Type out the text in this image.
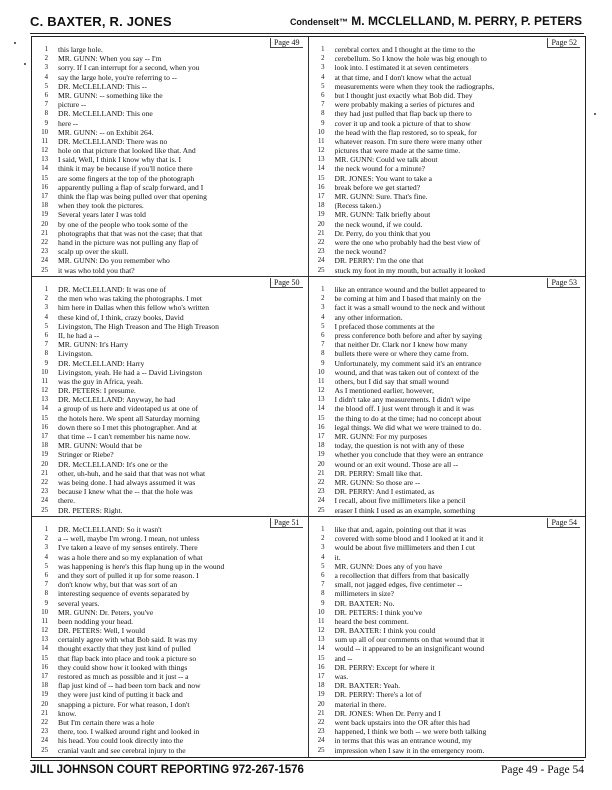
C. BAXTER, R. JONES	CondenseIt™ M. MCCLELLAND, M. PERRY, P. PETERS
Page 49
1 this large hole.
2 MR. GUNN: When you say -- I'm
3 sorry. If I can interrupt for a second, when you
4 say the large hole, you're referring to --
5 DR. McCLELLAND: This --
6 MR. GUNN: -- something like the
7 picture --
8 DR. McCLELLAND: This one
9 here --
10 MR. GUNN: -- on Exhibit 264.
11 DR. McCLELLAND: There was no
12 hole on that picture that looked like that. And
13 I said, Well, I think I know why that is. I
14 think it may be because if you'll notice there
15 are some fingers at the top of the photograph
16 apparently pulling a flap of scalp forward, and I
17 think the flap was being pulled over that opening
18 when they took the pictures.
19 Several years later I was told
20 by one of the people who took some of the
21 photographs that that was not the case; that that
22 hand in the picture was not pulling any flap of
23 scalp up over the skull.
24 MR. GUNN: Do you remember who
25 it was who told you that?
Page 52
1 cerebral cortex and I thought at the time to the
2 cerebellum. So I know the hole was big enough to
3 look into. I estimated it at seven centimeters
4 at that time, and I don't know what the actual
5 measurements were when they took the radiographs,
6 but I thought just exactly what Bob did. They
7 were probably making a series of pictures and
8 they had just pulled that flap back up there to
9 cover it up and took a picture of that to show
10 the head with the flap restored, so to speak, for
11 whatever reason. I'm sure there were many other
12 pictures that were made at the same time.
13 MR. GUNN: Could we talk about
14 the neck wound for a minute?
15 DR. JONES: You want to take a
16 break before we get started?
17 MR. GUNN: Sure. That's fine.
18 (Recess taken.)
19 MR. GUNN: Talk briefly about
20 the neck wound, if we could.
21 Dr. Perry, do you think that you
22 were the one who probably had the best view of
23 the neck wound?
24 DR. PERRY: I'm the one that
25 stuck my foot in my mouth, but actually it looked
Page 50
1 DR. McCLELLAND: It was one of
2 the men who was taking the photographs. I met
3 him here in Dallas when this fellow who's written
4 these kind of, I think, crazy books, David
5 Livingston, The High Treason and The High Treason
6 II, he had a --
7 MR. GUNN: It's Harry
8 Livingston.
9 DR. McCLELLAND: Harry
10 Livingston, yeah. He had a -- David Livingston
11 was the guy in Africa, yeah.
12 DR. PETERS: I presume.
13 DR. McCLELLAND: Anyway, he had
14 a group of us here and videotaped us at one of
15 the hotels here. We spent all Saturday morning
16 down there so I met this photographer. And at
17 that time -- I can't remember his name now.
18 MR. GUNN: Would that be
19 Stringer or Riebe?
20 DR. McCLELLAND: It's one or the
21 other, uh-huh, and he said that that was not what
22 was being done. I had always assumed it was
23 because I knew what the -- that the hole was
24 there.
25 DR. PETERS: Right.
Page 53
1 like an entrance wound and the bullet appeared to
2 be coming at him and I based that mainly on the
3 fact it was a small wound to the neck and without
4 any other information.
5 I prefaced those comments at the
6 press conference both before and after by saying
7 that neither Dr. Clark nor I knew how many
8 bullets there were or where they came from.
9 Unfortunately, my comment said it's an entrance
10 wound, and that was taken out of context of the
11 others, but I did say that small wound
12 As I mentioned earlier, however,
13 I didn't take any measurements. I didn't wipe
14 the blood off. I just went through it and it was
15 the thing to do at the time; had no concept about
16 legal things. We did what we were trained to do.
17 MR. GUNN: For my purposes
18 today, the question is not with any of these
19 whether you conclude that they were an entrance
20 wound or an exit wound. Those are all --
21 DR. PERRY: Small like that.
22 MR. GUNN: So those are --
23 DR. PERRY: And I estimated, as
24 I recall, about five millimeters like a pencil
25 eraser I think I used as an example, something
Page 51
1 DR. McCLELLAND: So it wasn't
2 a -- well, maybe I'm wrong. I mean, not unless
3 I've taken a leave of my senses entirely. There
4 was a hole there and so my explanation of what
5 was happening is here's this flap hung up in the wound
6 and they sort of pulled it up for some reason. I
7 don't know why, but that was sort of an
8 interesting sequence of events separated by
9 several years.
10 MR. GUNN: Dr. Peters, you've
11 been nodding your head.
12 DR. PETERS: Well, I would
13 certainly agree with what Bob said. It was my
14 thought exactly that they just kind of pulled
15 that flap back into place and took a picture so
16 they could show how it looked with things
17 restored as much as possible and it just -- a
18 flap just kind of -- had been torn back and now
19 they were just kind of putting it back and
20 snapping a picture. For what reason, I don't
21 know.
22 But I'm certain there was a hole
23 there, too. I walked around right and looked in
24 his head. You could look directly into the
25 cranial vault and see cerebral injury to the
Page 54
1 like that and, again, pointing out that it was
2 covered with some blood and I looked at it and it
3 would be about five millimeters and then I cut
4 it.
5 MR. GUNN: Does any of you have
6 a recollection that differs from that basically
7 small, not jagged edges, five centimeter --
8 millimeters in size?
9 DR. BAXTER: No.
10 DR. PETERS: I think you've
11 heard the best comment.
12 DR. BAXTER: I think you could
13 sum up all of our comments on that wound that it
14 would -- it appeared to be an insignificant wound
15 and --
16 DR. PERRY: Except for where it
17 was.
18 DR. BAXTER: Yeah.
19 DR. PERRY: There's a lot of
20 material in there.
21 DR. JONES: When Dr. Perry and I
22 went back upstairs into the OR after this had
23 happened, I think we both -- we were both talking
24 in terms that this was an entrance wound, my
25 impression when I saw it in the emergency room.
JILL JOHNSON COURT REPORTING 972-267-1576	Page 49 - Page 54
